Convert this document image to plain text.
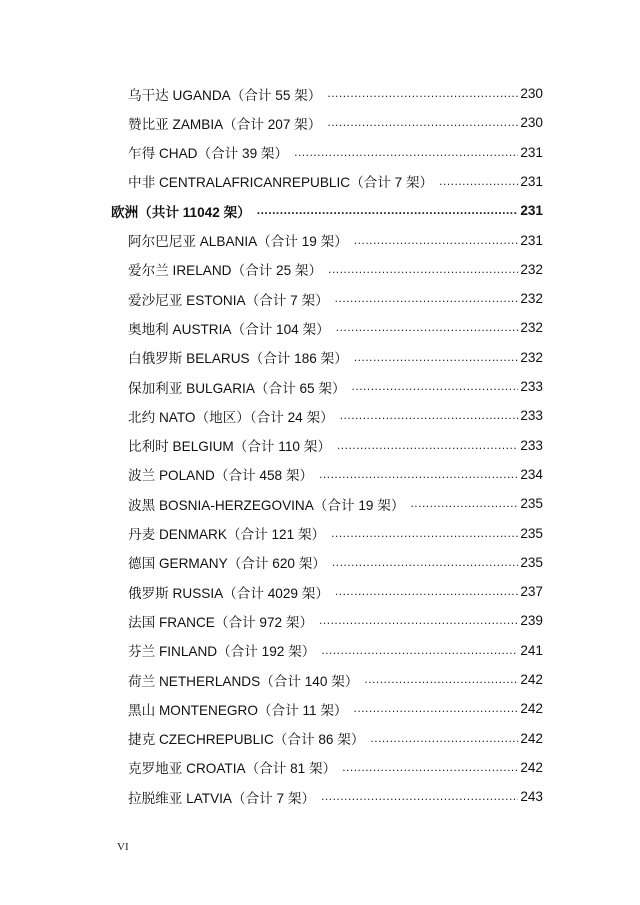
乌干达 UGANDA（合计 55 架） .....	230
赞比亚 ZAMBIA（合计 207 架） .....	230
乍得 CHAD（合计 39 架） .....	231
中非 CENTRALAFRICANREPUBLIC（合计 7 架） .....	231
欧洲（共计 11042 架） .....	231
阿尔巴尼亚 ALBANIA（合计 19 架） .....	231
爱尔兰 IRELAND（合计 25 架） .....	232
爱沙尼亚 ESTONIA（合计 7 架） .....	232
奥地利 AUSTRIA（合计 104 架） .....	232
白俄罗斯 BELARUS（合计 186 架） .....	232
保加利亚 BULGARIA（合计 65 架） .....	233
北约 NATO（地区）（合计 24 架） .....	233
比利时 BELGIUM（合计 110 架） .....	233
波兰 POLAND（合计 458 架） .....	234
波黑 BOSNIA-HERZEGOVINA（合计 19 架） .....	235
丹麦 DENMARK（合计 121 架） .....	235
德国 GERMANY（合计 620 架） .....	235
俄罗斯 RUSSIA（合计 4029 架） .....	237
法国 FRANCE（合计 972 架） .....	239
芬兰 FINLAND（合计 192 架） .....	241
荷兰 NETHERLANDS（合计 140 架） .....	242
黑山 MONTENEGRO（合计 11 架） .....	242
捷克 CZECHREPUBLIC（合计 86 架） .....	242
克罗地亚 CROATIA（合计 81 架） .....	242
拉脱维亚 LATVIA（合计 7 架） .....	243
VI
